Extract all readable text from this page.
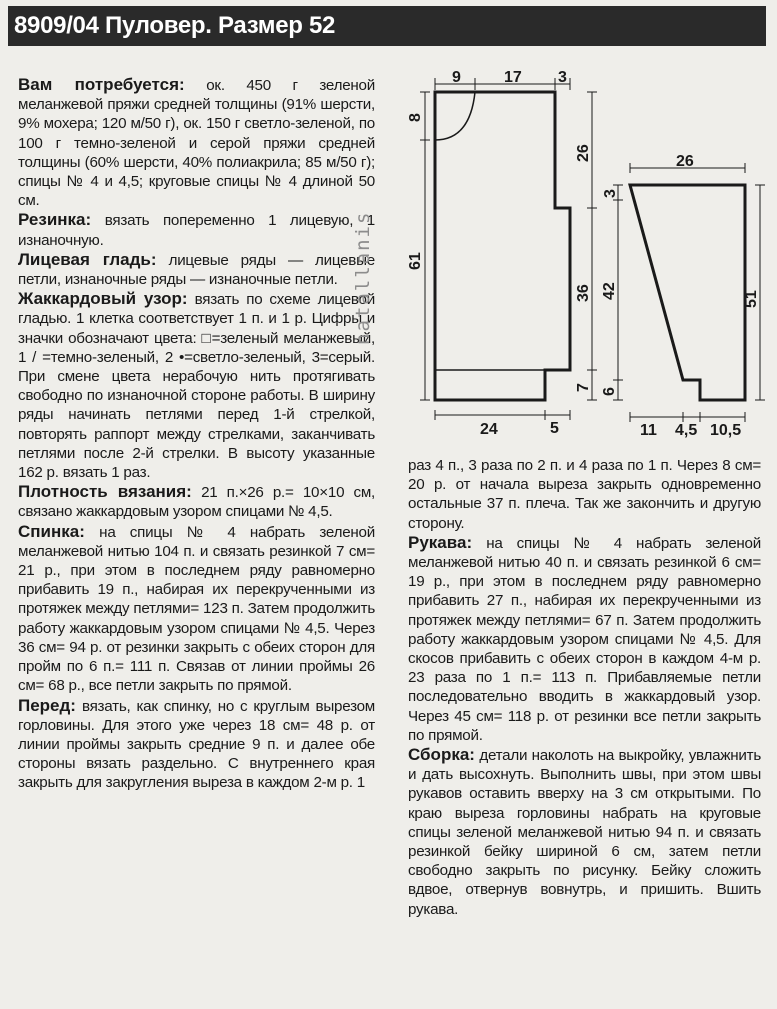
8909/04 Пуловер. Размер 52

Вам потребуется: ок. 450 г зеленой меланжевой пряжи средней толщины (91% шерсти, 9% мохера; 120 м/50 г), ок. 150 г светло-зеленой, по 100 г темно-зеленой и серой пряжи средней толщины (60% шерсти, 40% полиакрила; 85 м/50 г); спицы № 4 и 4,5; круговые спицы № 4 длиной 50 см.

Резинка: вязать попеременно 1 лицевую, 1 изнаночную.

Лицевая гладь: лицевые ряды — лицевые петли, изнаночные ряды — изнаночные петли.

Жаккардовый узор: вязать по схеме лицевой гладью. 1 клетка соответствует 1 п. и 1 р. Цифры и значки обозначают цвета: □=зеленый меланжевый, 1 / =темно-зеленый, 2 •=светло-зеленый, 3=серый. При смене цвета нерабочую нить протягивать свободно по изнаночной стороне работы. В ширину ряды начинать петлями перед 1-й стрелкой, повторять раппорт между стрелками, заканчивать петлями после 2-й стрелки. В высоту указанные 162 р. вязать 1 раз.

Плотность вязания: 21 п.×26 р.= 10×10 см, связано жаккардовым узором спицами № 4,5.

Спинка: на спицы № 4 набрать зеленой меланжевой нитью 104 п. и связать резинкой 7 см= 21 р., при этом в последнем ряду равномерно прибавить 19 п., набирая их перекрученными из протяжек между петлями= 123 п. Затем продолжить работу жаккардовым узором спицами № 4,5. Через 36 см= 94 р. от резинки закрыть с обеих сторон для пройм по 6 п.= 111 п. Связав от линии проймы 26 см= 68 р., все петли закрыть по прямой.

Перед: вязать, как спинку, но с круглым вырезом горловины. Для этого уже через 18 см= 48 р. от линии проймы закрыть средние 9 п. и далее обе стороны вязать раздельно. С внутреннего края закрыть для закругления выреза в каждом 2-м р. 1

раз 4 п., 3 раза по 2 п. и 4 раза по 1 п. Через 8 см= 20 р. от начала выреза закрыть одновременно остальные 37 п. плеча. Так же закончить и другую сторону.

Рукава: на спицы № 4 набрать зеленой меланжевой нитью 40 п. и связать резинкой 6 см= 19 р., при этом в последнем ряду равномерно прибавить 27 п., набирая их перекрученными из протяжек между петлями= 67 п. Затем продолжить работу жаккардовым узором спицами № 4,5. Для скосов прибавить с обеих сторон в каждом 4-м р. 23 раза по 1 п.= 113 п. Прибавляемые петли последовательно вводить в жаккардовый узор. Через 45 см= 118 р. от резинки все петли закрыть по прямой.

Сборка: детали наколоть на выкройку, увлажнить и дать высохнуть. Выполнить швы, при этом швы рукавов оставить вверху на 3 см открытыми. По краю выреза горловины набрать на круговые спицы зеленой меланжевой нитью 94 п. и связать резинкой бейку шириной 6 см, затем петли свободно закрыть по рисунку. Бейку сложить вдвое, отвернув вовнутрь, и пришить. Вшить рукава.

natallanis
9	17 3
8
61
26
36
7
24	5
26
3
42	51
6
11 4,5 10,5
